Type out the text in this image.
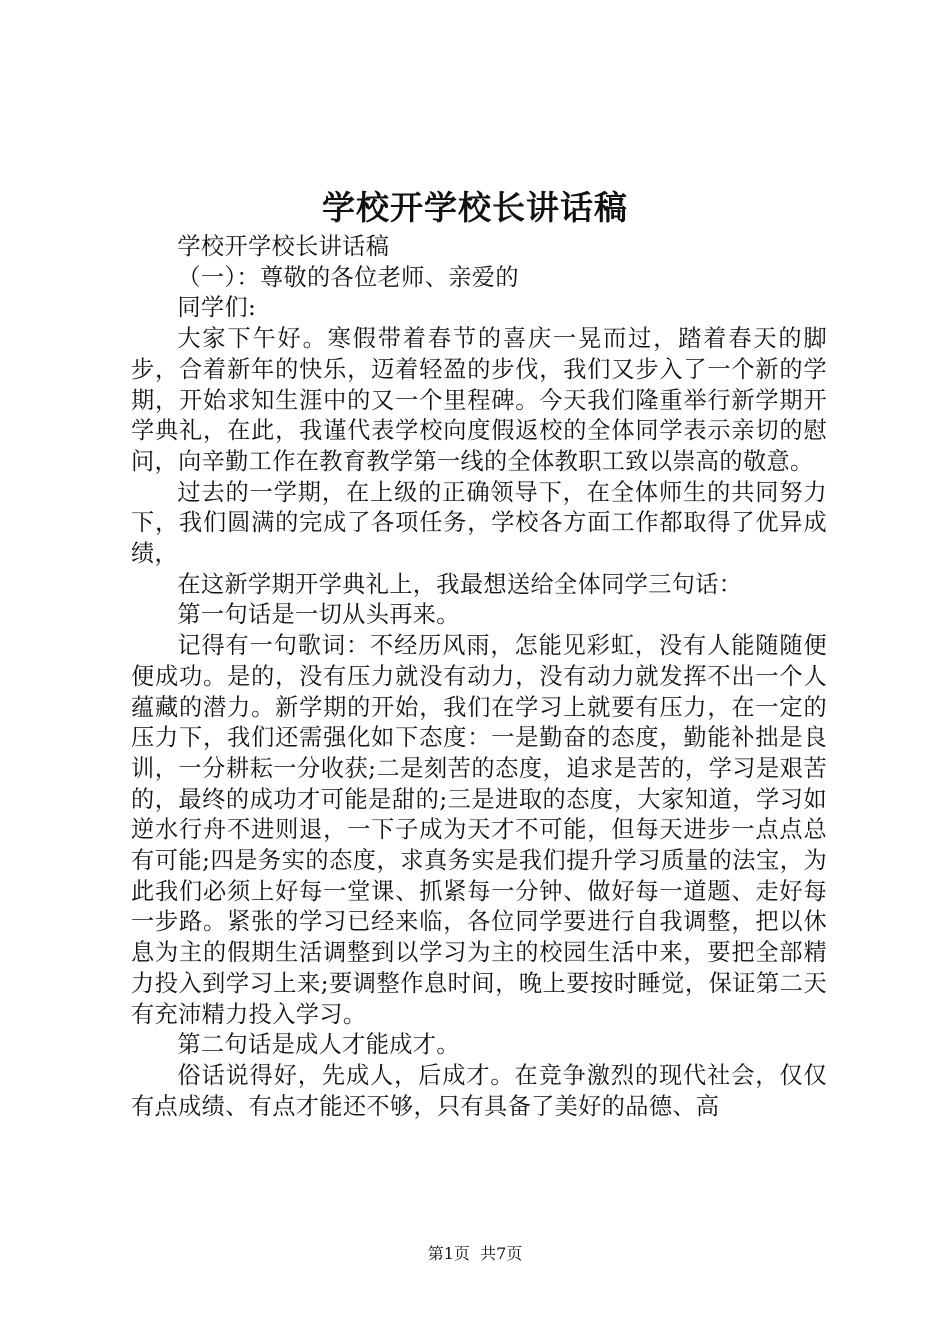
学校开学校长讲话稿

学校开学校长讲话稿

（一）：尊敬的各位老师、亲爱的

同学们:

大家下午好。寒假带着春节的喜庆一晃而过，踏着春天的脚步，合着新年的快乐，迈着轻盈的步伐，我们又步入了一个新的学期，开始求知生涯中的又一个里程碑。今天我们隆重举行新学期开学典礼，在此，我谨代表学校向度假返校的全体同学表示亲切的慰问，向辛勤工作在教育教学第一线的全体教职工致以崇高的敬意。

过去的一学期，在上级的正确领导下，在全体师生的共同努力下，我们圆满的完成了各项任务，学校各方面工作都取得了优异成绩，

在这新学期开学典礼上，我最想送给全体同学三句话：

第一句话是一切从头再来。

记得有一句歌词：不经历风雨，怎能见彩虹，没有人能随随便便成功。是的，没有压力就没有动力，没有动力就发挥不出一个人蕴藏的潜力。新学期的开始，我们在学习上就要有压力，在一定的压力下，我们还需强化如下态度：一是勤奋的态度，勤能补拙是良训，一分耕耘一分收获;二是刻苦的态度，追求是苦的，学习是艰苦的，最终的成功才可能是甜的;三是进取的态度，大家知道，学习如逆水行舟不进则退，一下子成为天才不可能，但每天进步一点点总有可能;四是务实的态度，求真务实是我们提升学习质量的法宝，为此我们必须上好每一堂课、抓紧每一分钟、做好每一道题、走好每一步路。紧张的学习已经来临，各位同学要进行自我调整，把以休息为主的假期生活调整到以学习为主的校园生活中来，要把全部精力投入到学习上来;要调整作息时间，晚上要按时睡觉，保证第二天有充沛精力投入学习。

第二句话是成人才能成才。

俗话说得好，先成人，后成才。在竞争激烈的现代社会，仅仅有点成绩、有点才能还不够，只有具备了美好的品德、高

第1页  共7页
